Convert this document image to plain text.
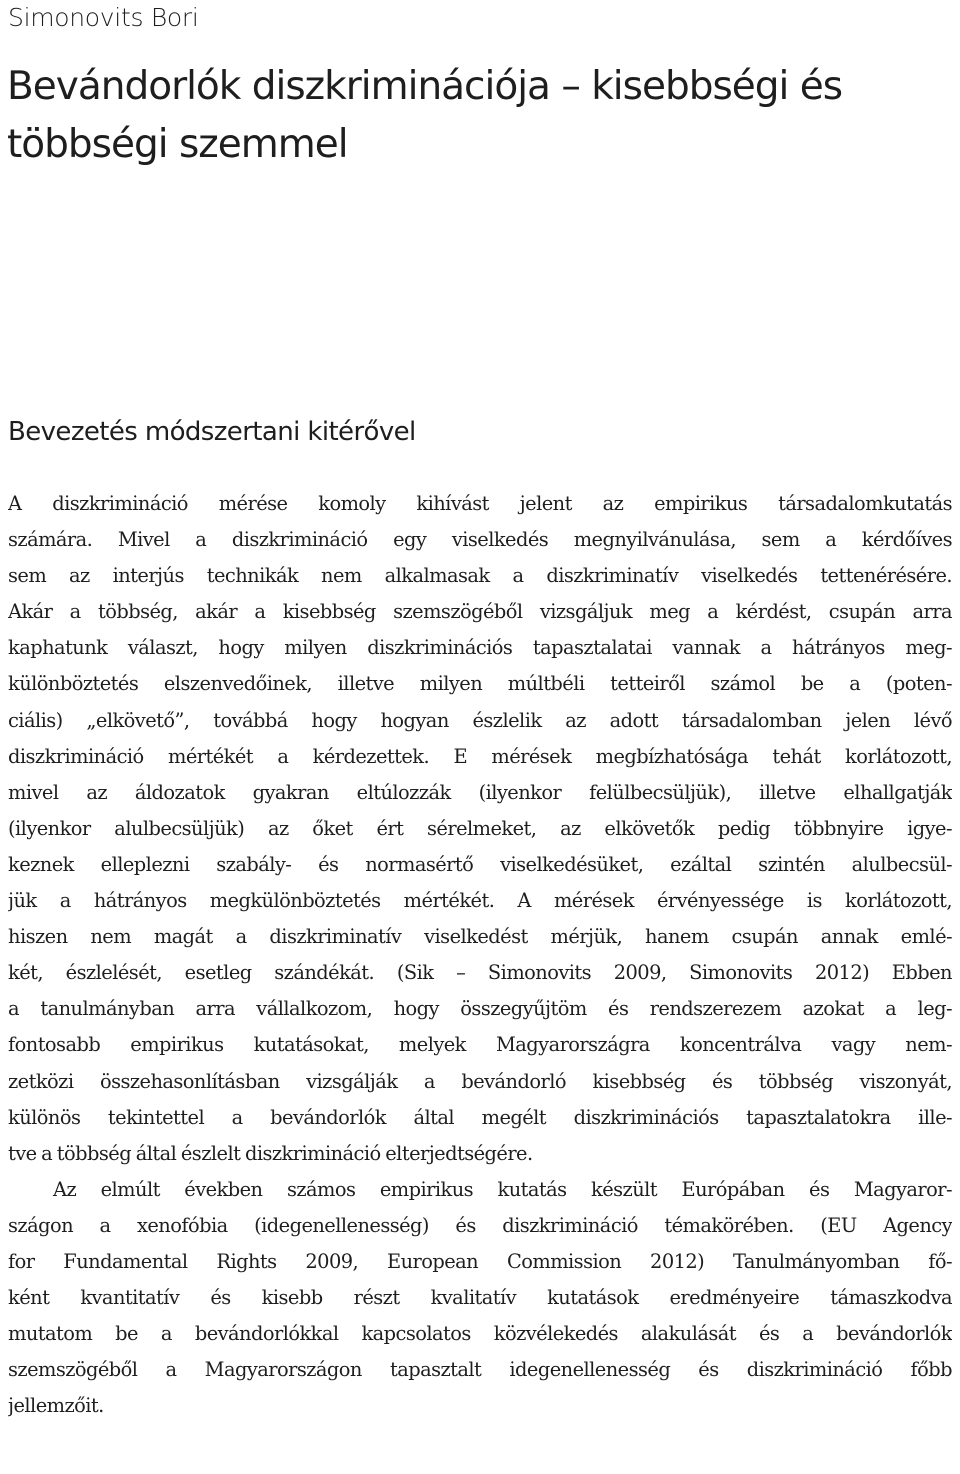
Simonovits Bori

Bevándorlók diszkriminációja – kisebbségi és
többségi szemmel
Bevezetés módszertani kitérővel

A diszkrimináció mérése komoly kihívást jelent az empirikus társadalomkutatás
számára. Mivel a diszkrimináció egy viselkedés megnyilvánulása, sem a kérdőíves
sem az interjús technikák nem alkalmasak a diszkriminatív viselkedés tettenérésére.
Akár a többség, akár a kisebbség szemszögéből vizsgáljuk meg a kérdést, csupán arra
kaphatunk választ, hogy milyen diszkriminációs tapasztalatai vannak a hátrányos meg-
különböztetés elszenvedőinek, illetve milyen múltbéli tetteiről számol be a (poten-
ciális) „elkövető”, továbbá hogy hogyan észlelik az adott társadalomban jelen lévő
diszkrimináció mértékét a kérdezettek. E mérések megbízhatósága tehát korlátozott,
mivel az áldozatok gyakran eltúlozzák (ilyenkor felülbecsüljük), illetve elhallgatják
(ilyenkor alulbecsüljük) az őket ért sérelmeket, az elkövetők pedig többnyire igye-
keznek elleplezni szabály- és normasértő viselkedésüket, ezáltal szintén alulbecsül-
jük a hátrányos megkülönböztetés mértékét. A mérések érvényessége is korlátozott,
hiszen nem magát a diszkriminatív viselkedést mérjük, hanem csupán annak emlé-
két, észlelését, esetleg szándékát. (Sik – Simonovits 2009, Simonovits 2012) Ebben
a tanulmányban arra vállalkozom, hogy összegyűjtöm és rendszerezem azokat a leg-
fontosabb empirikus kutatásokat, melyek Magyarországra koncentrálva vagy nem-
zetközi összehasonlításban vizsgálják a bevándorló kisebbség és többség viszonyát,
különös tekintettel a bevándorlók által megélt diszkriminációs tapasztalatokra ille-
tve a többség által észlelt diszkrimináció elterjedtségére.

Az elmúlt években számos empirikus kutatás készült Európában és Magyaror-
szágon a xenofóbia (idegenellenesség) és diszkrimináció témakörében. (EU Agency
for Fundamental Rights 2009, European Commission 2012) Tanulmányomban fő-
ként kvantitatív és kisebb részt kvalitatív kutatások eredményeire támaszkodva
mutatom be a bevándorlókkal kapcsolatos közvélekedés alakulását és a bevándorlók
szemszögéből a Magyarországon tapasztalt idegenellenesség és diszkrimináció főbb
jellemzőit.
